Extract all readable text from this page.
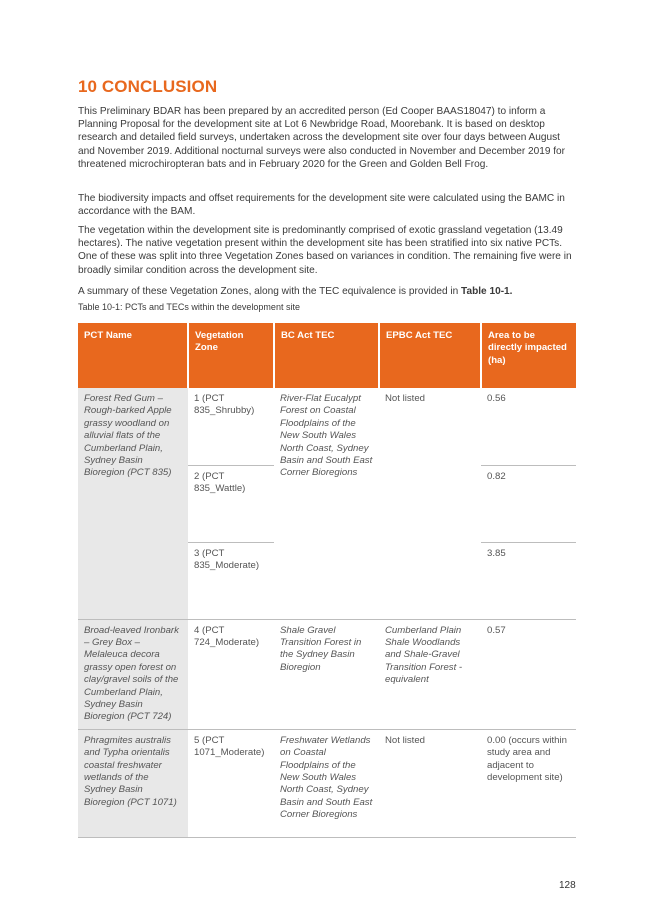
10 CONCLUSION

This Preliminary BDAR has been prepared by an accredited person (Ed Cooper BAAS18047) to inform a Planning Proposal for the development site at Lot 6 Newbridge Road, Moorebank. It is based on desktop research and detailed field surveys, undertaken across the development site over four days between August and November 2019. Additional nocturnal surveys were also conducted in November and December 2019 for threatened microchiropteran bats and in February 2020 for the Green and Golden Bell Frog.

The biodiversity impacts and offset requirements for the development site were calculated using the BAMC in accordance with the BAM.

The vegetation within the development site is predominantly comprised of exotic grassland vegetation (13.49 hectares). The native vegetation present within the development site has been stratified into six native PCTs. One of these was split into three Vegetation Zones based on variances in condition. The remaining five were in broadly similar condition across the development site.

A summary of these Vegetation Zones, along with the TEC equivalence is provided in Table 10-1.

Table 10-1: PCTs and TECs within the development site
PCT Name	Vegetation Zone	BC Act TEC	EPBC Act TEC	Area to be directly impacted (ha)
Forest Red Gum – Rough-barked Apple grassy woodland on alluvial flats of the Cumberland Plain, Sydney Basin Bioregion (PCT 835)	1 (PCT 835_Shrubby)	River-Flat Eucalypt Forest on Coastal Floodplains of the New South Wales North Coast, Sydney Basin and South East Corner Bioregions	Not listed	0.56
	2 (PCT 835_Wattle)			0.82
	3 (PCT 835_Moderate)			3.85
Broad-leaved Ironbark – Grey Box – Melaleuca decora grassy open forest on clay/gravel soils of the Cumberland Plain, Sydney Basin Bioregion (PCT 724)	4 (PCT 724_Moderate)	Shale Gravel Transition Forest in the Sydney Basin Bioregion	Cumberland Plain Shale Woodlands and Shale-Gravel Transition Forest - equivalent	0.57
Phragmites australis and Typha orientalis coastal freshwater wetlands of the Sydney Basin Bioregion (PCT 1071)	5 (PCT 1071_Moderate)	Freshwater Wetlands on Coastal Floodplains of the New South Wales North Coast, Sydney Basin and South East Corner Bioregions	Not listed	0.00 (occurs within study area and adjacent to development site)
128
